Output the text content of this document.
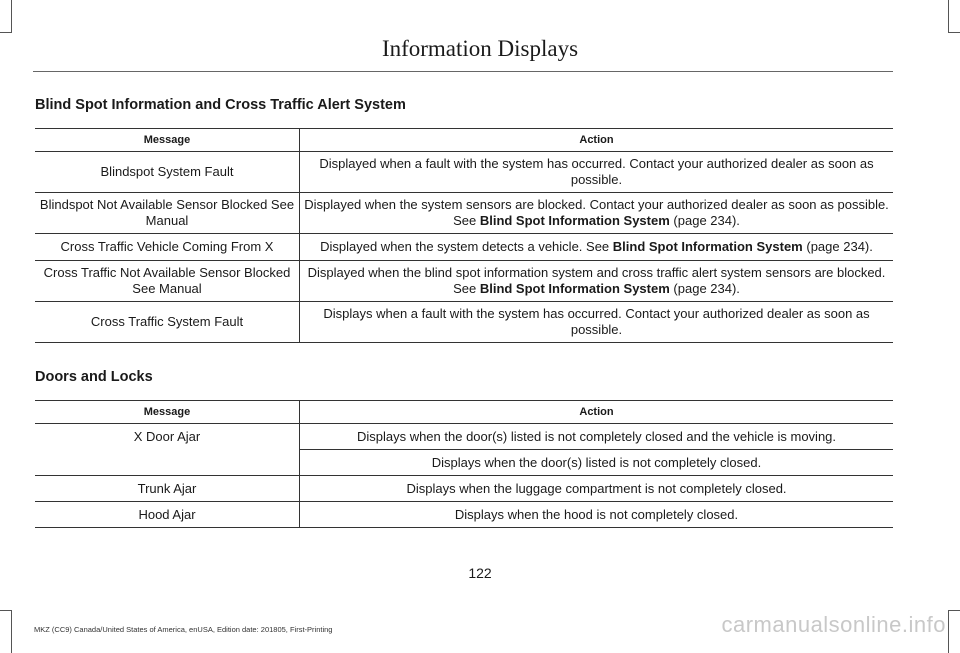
Information Displays
Blind Spot Information and Cross Traffic Alert System
Message	Action
Blindspot System Fault	Displayed when a fault with the system has occurred. Contact your authorized dealer as soon as possible.
Blindspot Not Available Sensor Blocked See Manual	Displayed when the system sensors are blocked. Contact your authorized dealer as soon as possible. See Blind Spot Information System (page 234).
Cross Traffic Vehicle Coming From X	Displayed when the system detects a vehicle. See Blind Spot Information System (page 234).
Cross Traffic Not Available Sensor Blocked See Manual	Displayed when the blind spot information system and cross traffic alert system sensors are blocked. See Blind Spot Information System (page 234).
Cross Traffic System Fault	Displays when a fault with the system has occurred. Contact your authorized dealer as soon as possible.
Doors and Locks
Message	Action
X Door Ajar	Displays when the door(s) listed is not completely closed and the vehicle is moving.
	Displays when the door(s) listed is not completely closed.
Trunk Ajar	Displays when the luggage compartment is not completely closed.
Hood Ajar	Displays when the hood is not completely closed.
122
MKZ (CC9) Canada/United States of America, enUSA, Edition date: 201805, First-Printing	carmanualsonline.info
